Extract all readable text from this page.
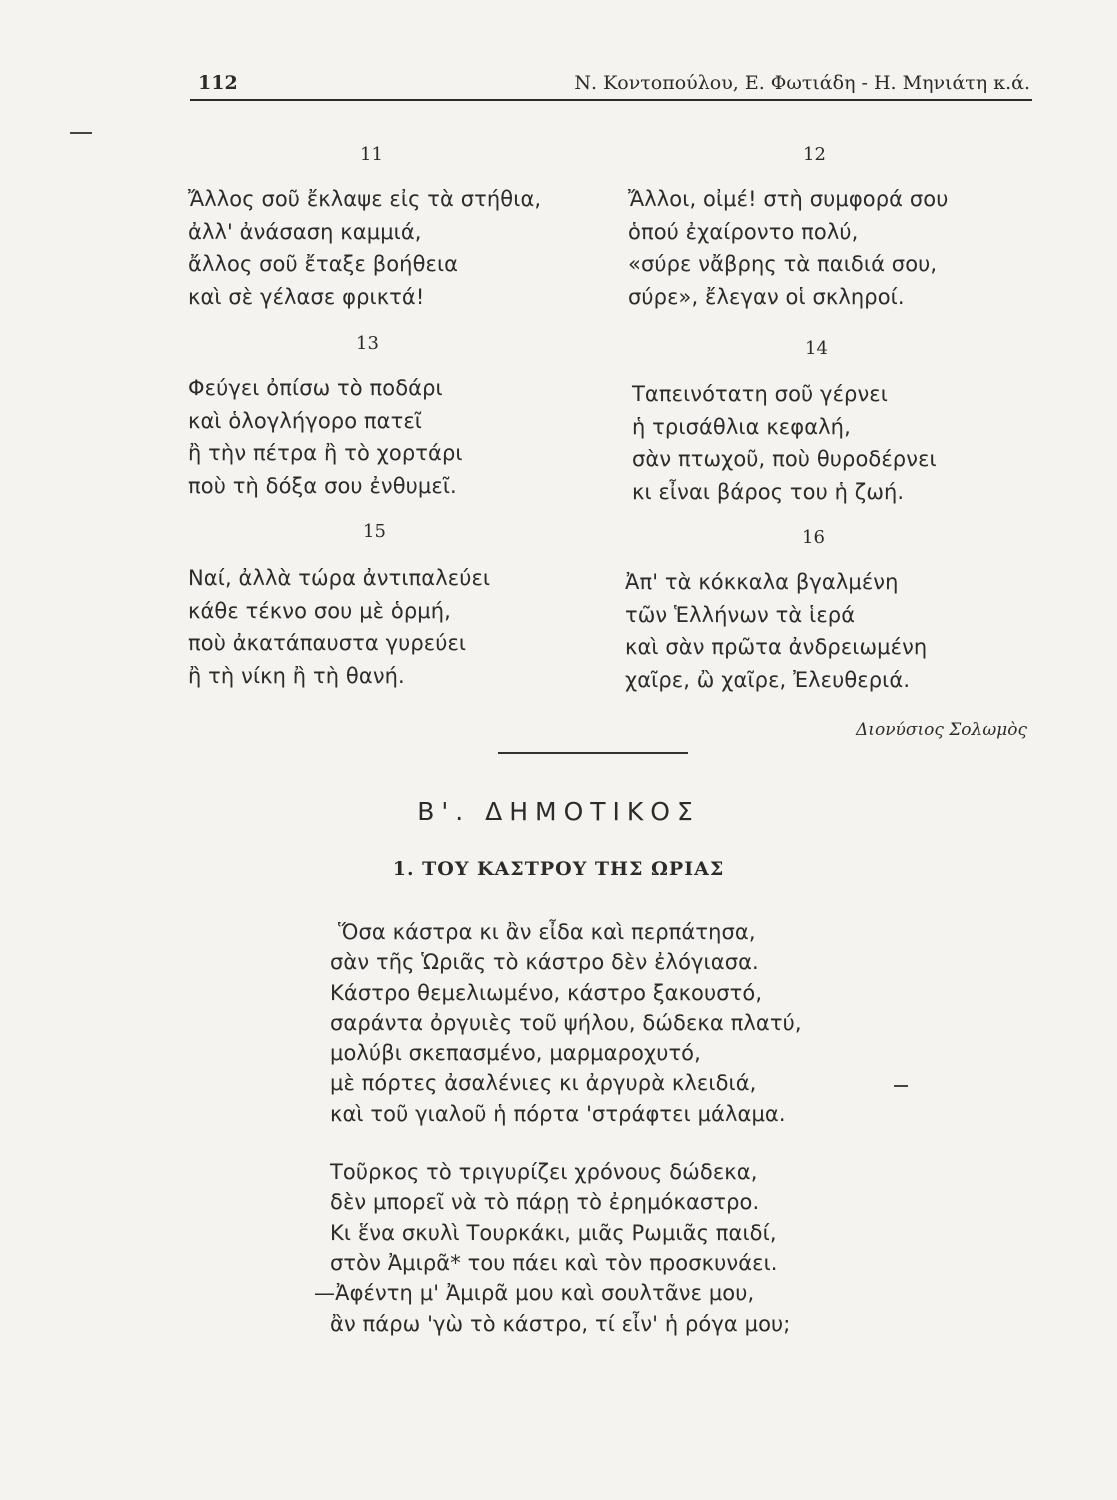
112	Ν. Κοντοπούλου, Ε. Φωτιάδη - Η. Μηνιάτη κ.ά.
11
Ἄλλος σοῦ ἔκλαψε εἰς τὰ στήθια,
ἀλλ' ἀνάσαση καμμιά,
ἄλλος σοῦ ἔταξε βοήθεια
καὶ σὲ γέλασε φρικτά!
12
Ἄλλοι, οἰμέ! στὴ συμφορά σου
ὁπού ἐχαίροντο πολύ,
«σύρε νἄβρης τὰ παιδιά σου,
σύρε», ἔλεγαν οἱ σκληροί.
13
Φεύγει ὀπίσω τὸ ποδάρι
καὶ ὁλογλήγορο πατεῖ
ἢ τὴν πέτρα ἢ τὸ χορτάρι
ποὺ τὴ δόξα σου ἐνθυμεῖ.
14
Ταπεινότατη σοῦ γέρνει
ἡ τρισάθλια κεφαλή,
σὰν πτωχοῦ, ποὺ θυροδέρνει
κι εἶναι βάρος του ἡ ζωή.
15
Ναί, ἀλλὰ τώρα ἀντιπαλεύει
κάθε τέκνο σου μὲ ὁρμή,
ποὺ ἀκατάπαυστα γυρεύει
ἢ τὴ νίκη ἢ τὴ θανή.
16
Ἀπ' τὰ κόκκαλα βγαλμένη
τῶν Ἑλλήνων τὰ ἱερά
καὶ σὰν πρῶτα ἀνδρειωμένη
χαῖρε, ὢ χαῖρε, Ἐλευθεριά.
Διονύσιος Σολωμὸς
Β'. ΔΗΜΟΤΙΚΟΣ
1. ΤΟΥ ΚΑΣΤΡΟΥ ΤΗΣ ΩΡΙΑΣ
Ὅσα κάστρα κι ἂν εἶδα καὶ περπάτησα,
σὰν τῆς Ὡριᾶς τὸ κάστρο δὲν ἐλόγιασα.
Κάστρο θεμελιωμένο, κάστρο ξακουστό,
σαράντα ὀργυιὲς τοῦ ψήλου, δώδεκα πλατύ,
μολύβι σκεπασμένο, μαρμαροχυτό,
μὲ πόρτες ἀσαλένιες κι ἀργυρὰ κλειδιά,
καὶ τοῦ γιαλοῦ ἡ πόρτα 'στράφτει μάλαμα.
Τοῦρκος τὸ τριγυρίζει χρόνους δώδεκα,
δὲν μπορεῖ νὰ τὸ πάρῃ τὸ ἐρημόκαστρο.
Κι ἕνα σκυλὶ Τουρκάκι, μιᾶς Ρωμιᾶς παιδί,
στὸν Ἀμιρᾶ* του πάει καὶ τὸν προσκυνάει.
—Ἀφέντη μ' Ἀμιρᾶ μου καὶ σουλτᾶνε μου,
ἂν πάρω 'γὼ τὸ κάστρο, τί εἶν' ἡ ρόγα μου;
